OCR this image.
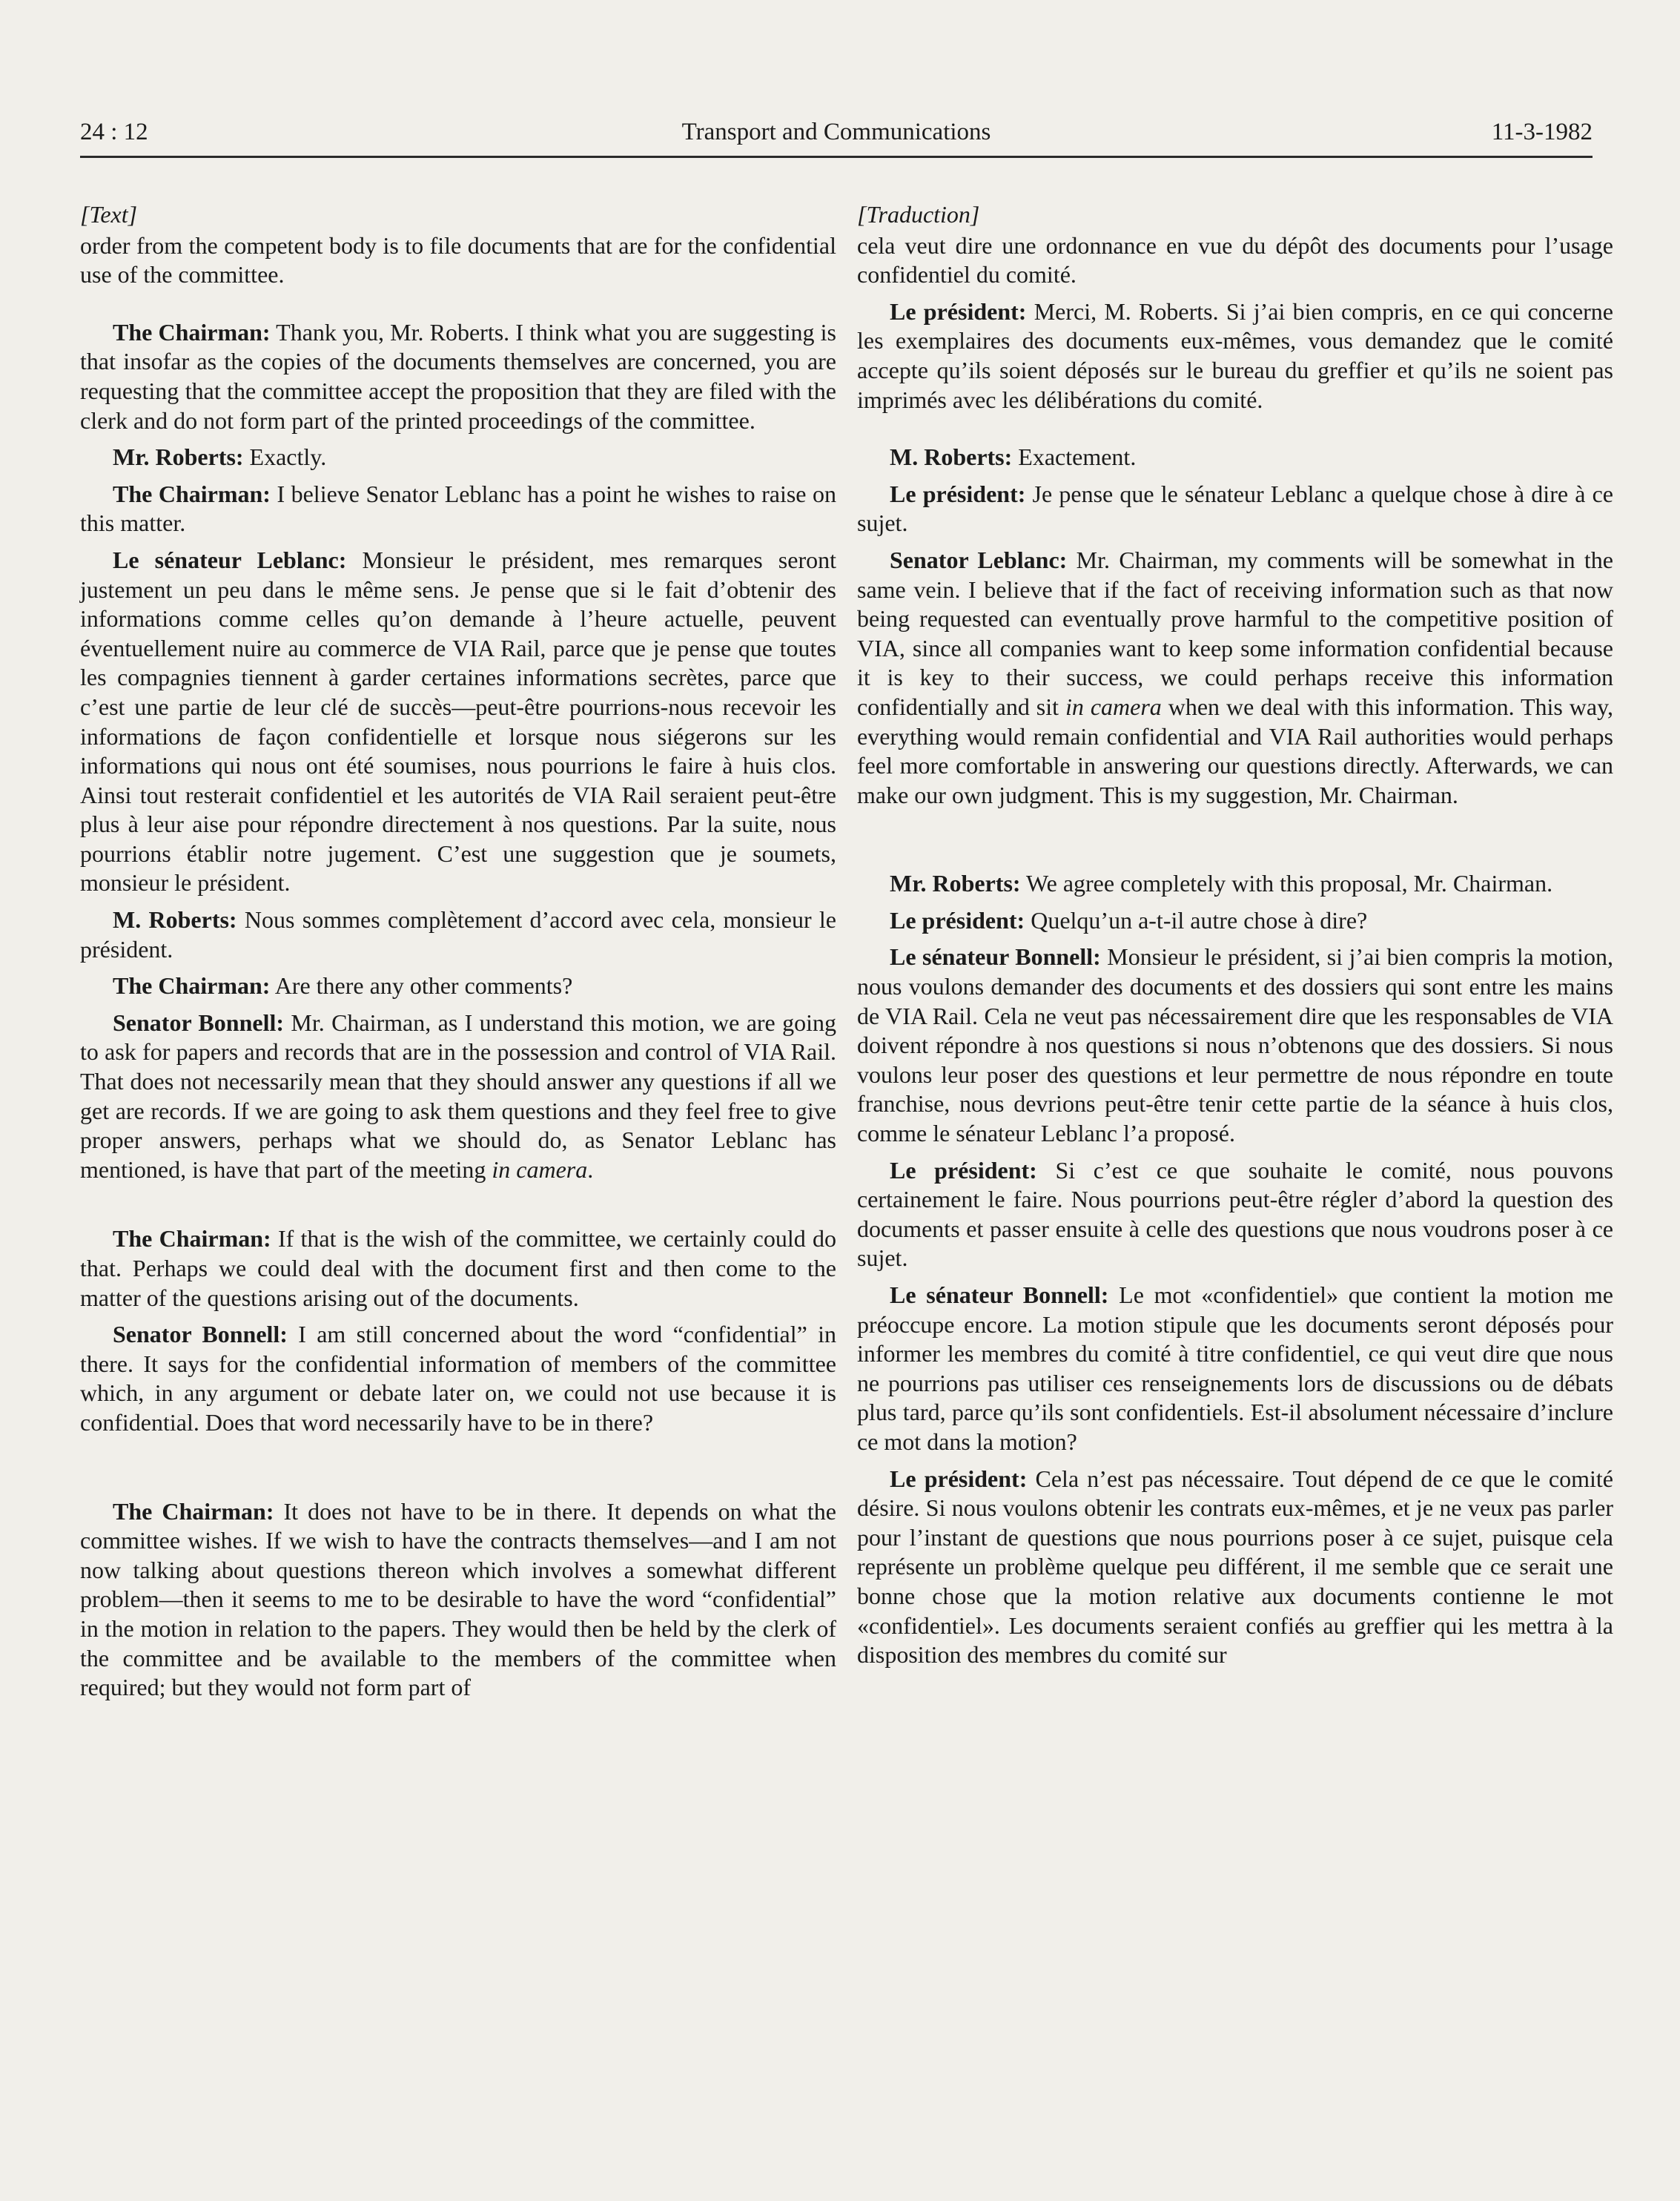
24 : 12	Transport and Communications	11-3-1982
[Text]

order from the competent body is to file documents that are for the confidential use of the committee.

The Chairman: Thank you, Mr. Roberts. I think what you are suggesting is that insofar as the copies of the documents themselves are concerned, you are requesting that the committee accept the proposition that they are filed with the clerk and do not form part of the printed proceedings of the committee.

Mr. Roberts: Exactly.

The Chairman: I believe Senator Leblanc has a point he wishes to raise on this matter.

Le sénateur Leblanc: Monsieur le président, mes remarques seront justement un peu dans le même sens. Je pense que si le fait d’obtenir des informations comme celles qu’on demande à l’heure actuelle, peuvent éventuellement nuire au commerce de VIA Rail, parce que je pense que toutes les compagnies tiennent à garder certaines informations secrètes, parce que c’est une partie de leur clé de succès—peut-être pourrions-nous recevoir les informations de façon confidentielle et lorsque nous siégerons sur les informations qui nous ont été soumises, nous pourrions le faire à huis clos. Ainsi tout resterait confidentiel et les autorités de VIA Rail seraient peut-être plus à leur aise pour répondre directement à nos questions. Par la suite, nous pourrions établir notre jugement. C’est une suggestion que je soumets, monsieur le président.

M. Roberts: Nous sommes complètement d’accord avec cela, monsieur le président.

The Chairman: Are there any other comments?

Senator Bonnell: Mr. Chairman, as I understand this motion, we are going to ask for papers and records that are in the possession and control of VIA Rail. That does not necessarily mean that they should answer any questions if all we get are records. If we are going to ask them questions and they feel free to give proper answers, perhaps what we should do, as Senator Leblanc has mentioned, is have that part of the meeting in camera.

The Chairman: If that is the wish of the committee, we certainly could do that. Perhaps we could deal with the document first and then come to the matter of the questions arising out of the documents.

Senator Bonnell: I am still concerned about the word “confidential” in there. It says for the confidential information of members of the committee which, in any argument or debate later on, we could not use because it is confidential. Does that word necessarily have to be in there?

The Chairman: It does not have to be in there. It depends on what the committee wishes. If we wish to have the contracts themselves—and I am not now talking about questions thereon which involves a somewhat different problem—then it seems to me to be desirable to have the word “confidential” in the motion in relation to the papers. They would then be held by the clerk of the committee and be available to the members of the committee when required; but they would not form part of

[Traduction]

cela veut dire une ordonnance en vue du dépôt des documents pour l’usage confidentiel du comité.

Le président: Merci, M. Roberts. Si j’ai bien compris, en ce qui concerne les exemplaires des documents eux-mêmes, vous demandez que le comité accepte qu’ils soient déposés sur le bureau du greffier et qu’ils ne soient pas imprimés avec les délibérations du comité.

M. Roberts: Exactement.

Le président: Je pense que le sénateur Leblanc a quelque chose à dire à ce sujet.

Senator Leblanc: Mr. Chairman, my comments will be somewhat in the same vein. I believe that if the fact of receiving information such as that now being requested can eventually prove harmful to the competitive position of VIA, since all companies want to keep some information confidential because it is key to their success, we could perhaps receive this information confidentially and sit in camera when we deal with this information. This way, everything would remain confidential and VIA Rail authorities would perhaps feel more comfortable in answering our questions directly. Afterwards, we can make our own judgment. This is my suggestion, Mr. Chairman.

Mr. Roberts: We agree completely with this proposal, Mr. Chairman.

Le président: Quelqu’un a-t-il autre chose à dire?

Le sénateur Bonnell: Monsieur le président, si j’ai bien compris la motion, nous voulons demander des documents et des dossiers qui sont entre les mains de VIA Rail. Cela ne veut pas nécessairement dire que les responsables de VIA doivent répondre à nos questions si nous n’obtenons que des dossiers. Si nous voulons leur poser des questions et leur permettre de nous répondre en toute franchise, nous devrions peut-être tenir cette partie de la séance à huis clos, comme le sénateur Leblanc l’a proposé.

Le président: Si c’est ce que souhaite le comité, nous pouvons certainement le faire. Nous pourrions peut-être régler d’abord la question des documents et passer ensuite à celle des questions que nous voudrons poser à ce sujet.

Le sénateur Bonnell: Le mot «confidentiel» que contient la motion me préoccupe encore. La motion stipule que les documents seront déposés pour informer les membres du comité à titre confidentiel, ce qui veut dire que nous ne pourrions pas utiliser ces renseignements lors de discussions ou de débats plus tard, parce qu’ils sont confidentiels. Est-il absolument nécessaire d’inclure ce mot dans la motion?

Le président: Cela n’est pas nécessaire. Tout dépend de ce que le comité désire. Si nous voulons obtenir les contrats eux-mêmes, et je ne veux pas parler pour l’instant de questions que nous pourrions poser à ce sujet, puisque cela représente un problème quelque peu différent, il me semble que ce serait une bonne chose que la motion relative aux documents contienne le mot «confidentiel». Les documents seraient confiés au greffier qui les mettra à la disposition des membres du comité sur
